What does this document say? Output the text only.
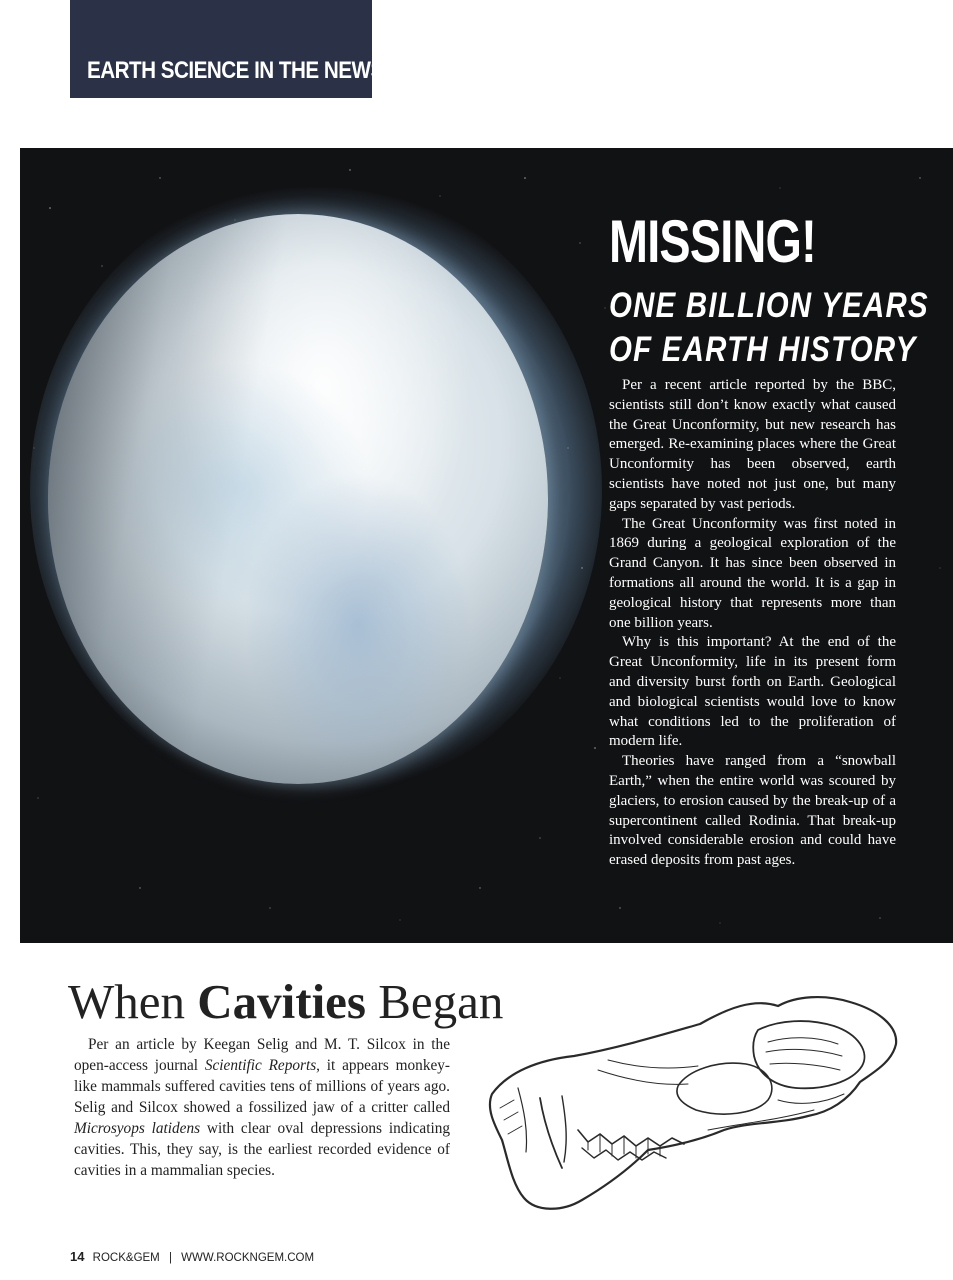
EARTH SCIENCE IN THE NEWS
MISSING!
ONE BILLION YEARS
OF EARTH HISTORY

Per a recent article reported by the BBC, scientists still don’t know exactly what caused the Great Unconformity, but new research has emerged. Re-examining places where the Great Unconformity has been observed, earth scientists have noted not just one, but many gaps separated by vast periods.

The Great Unconformity was first noted in 1869 during a geological exploration of the Grand Canyon. It has since been observed in formations all around the world. It is a gap in geological history that represents more than one billion years.

Why is this important? At the end of the Great Unconformity, life in its present form and diversity burst forth on Earth. Geological and biological scientists would love to know what conditions led to the proliferation of modern life.

Theories have ranged from a “snowball Earth,” when the entire world was scoured by glaciers, to erosion caused by the break-up of a supercontinent called Rodinia. That break-up involved considerable erosion and could have erased deposits from past ages.

When Cavities Began

Per an article by Keegan Selig and M. T. Silcox in the open-access journal Scientific Reports, it appears monkey-like mammals suffered cavities tens of millions of years ago. Selig and Silcox showed a fossilized jaw of a critter called Microsyops latidens with clear oval depressions indicating cavities. This, they say, is the earliest recorded evidence of cavities in a mammalian species.

14 ROCK&GEM | WWW.ROCKNGEM.COM
